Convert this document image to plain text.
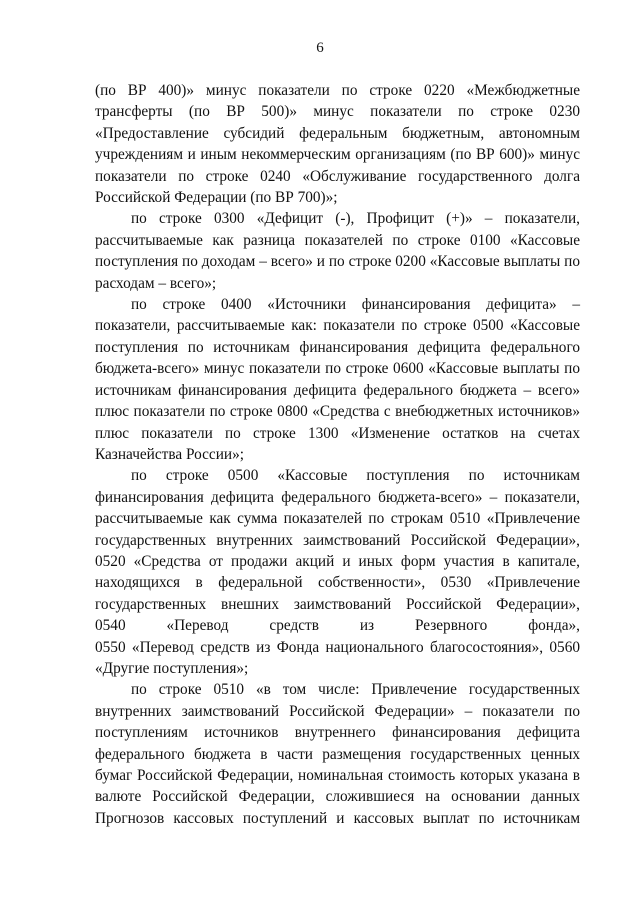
6
(по ВР 400)» минус показатели по строке 0220 «Межбюджетные
трансферты (по ВР 500)» минус показатели по строке 0230
«Предоставление субсидий федеральным бюджетным, автономным
учреждениям и иным некоммерческим организациям (по ВР 600)» минус
показатели по строке 0240 «Обслуживание государственного долга
Российской Федерации (по ВР 700)»;
по строке 0300 «Дефицит (-), Профицит (+)» – показатели,
рассчитываемые как разница показателей по строке 0100 «Кассовые
поступления по доходам – всего» и по строке 0200 «Кассовые выплаты по
расходам – всего»;
по строке 0400 «Источники финансирования дефицита» –
показатели, рассчитываемые как: показатели по строке 0500 «Кассовые
поступления по источникам финансирования дефицита федерального
бюджета-всего» минус показатели по строке 0600 «Кассовые выплаты по
источникам финансирования дефицита федерального бюджета – всего»
плюс показатели по строке 0800 «Средства с внебюджетных источников»
плюс показатели по строке 1300 «Изменение остатков на счетах
Казначейства России»;
по строке 0500 «Кассовые поступления по источникам
финансирования дефицита федерального бюджета-всего» – показатели,
рассчитываемые как сумма показателей по строкам 0510 «Привлечение
государственных внутренних заимствований Российской Федерации»,
0520 «Средства от продажи акций и иных форм участия в капитале,
находящихся в федеральной собственности», 0530 «Привлечение
государственных внешних заимствований Российской Федерации»,
0540 «Перевод средств из Резервного фонда»,
0550 «Перевод средств из Фонда национального благосостояния», 0560
«Другие поступления»;
по строке 0510 «в том числе: Привлечение государственных
внутренних заимствований Российской Федерации» – показатели по
поступлениям источников внутреннего финансирования дефицита
федерального бюджета в части размещения государственных ценных
бумаг Российской Федерации, номинальная стоимость которых указана в
валюте Российской Федерации, сложившиеся на основании данных
Прогнозов кассовых поступлений и кассовых выплат по источникам
